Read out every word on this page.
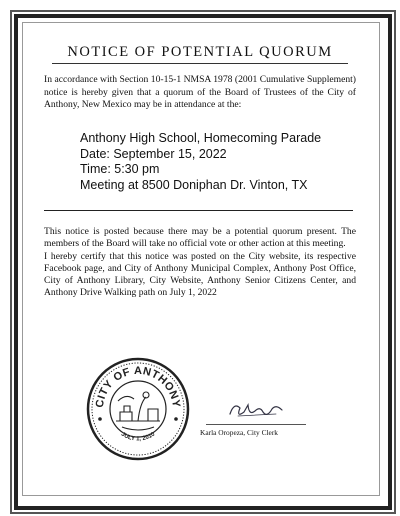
NOTICE OF POTENTIAL QUORUM
In accordance with Section 10-15-1 NMSA 1978 (2001 Cumulative Supplement) notice is hereby given that a quorum of the Board of Trustees of the City of Anthony, New Mexico may be in attendance at the:
Anthony High School, Homecoming Parade
Date: September 15, 2022
Time: 5:30 pm
Meeting at 8500 Doniphan Dr. Vinton, TX

This notice is posted because there may be a potential quorum present. The members of the Board will take no official vote or other action at this meeting.

I hereby certify that this notice was posted on the City website, its respective Facebook page, and City of Anthony Municipal Complex, Anthony Post Office, City of Anthony Library, City Website, Anthony Senior Citizens Center, and Anthony Drive Walking path on July 1, 2022

CITY OF ANTHONY
JULY 1, 2010	Karla Oropeza, City Clerk
